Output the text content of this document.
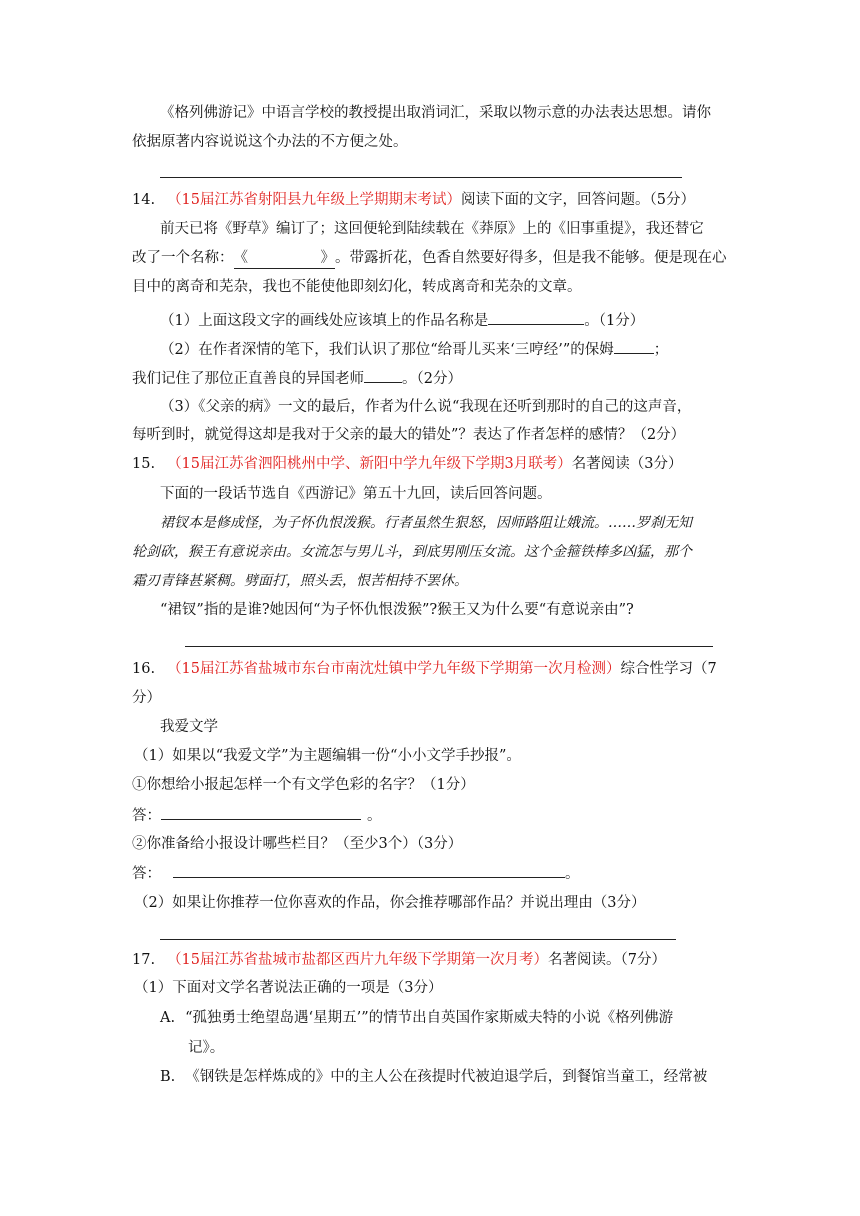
《格列佛游记》中语言学校的教授提出取消词汇，采取以物示意的办法表达思想。请你
依据原著内容说说这个办法的不方便之处。
14. （15届江苏省射阳县九年级上学期期末考试）阅读下面的文字，回答问题。（5分）
前天已将《野草》编订了；这回便轮到陆续载在《莽原》上的《旧事重提》，我还替它
改了一个名称：《　　　　　》。带露折花，色香自然要好得多，但是我不能够。便是现在心
目中的离奇和芜杂，我也不能使他即刻幻化，转成离奇和芜杂的文章。
（1）上面这段文字的画线处应该填上的作品名称是	。（1分）
（2）在作者深情的笔下，我们认识了那位“给哥儿买来‘三哼经’”的保姆	；
我们记住了那位正直善良的异国老师	。（2分）
（3）《父亲的病》一文的最后，作者为什么说“我现在还听到那时的自己的这声音，
每听到时，就觉得这却是我对于父亲的最大的错处”？表达了作者怎样的感情？（2分）
15. （15届江苏省泗阳桃州中学、新阳中学九年级下学期3月联考）名著阅读（3分）
下面的一段话节选自《西游记》第五十九回，读后回答问题。
裙钗本是修成怪，为子怀仇恨泼猴。行者虽然生狠怒，因师路阻让娥流。……罗刹无知
轮剑砍，猴王有意说亲由。女流怎与男儿斗，到底男刚压女流。这个金箍铁棒多凶猛，那个
霜刃青锋甚紧稠。劈面打，照头丢，恨苦相持不罢休。
“裙钗”指的是谁?她因何“为子怀仇恨泼猴”?猴王又为什么要“有意说亲由”?
16. （15届江苏省盐城市东台市南沈灶镇中学九年级下学期第一次月检测）综合性学习（7
分）
我爱文学
（1）如果以“我爱文学”为主题编辑一份“小小文学手抄报”。
①你想给小报起怎样一个有文学色彩的名字？（1分）
答：	。
②你准备给小报设计哪些栏目？（至少3个）（3分）
答：	。
（2）如果让你推荐一位你喜欢的作品，你会推荐哪部作品？并说出理由（3分）
17. （15届江苏省盐城市盐都区西片九年级下学期第一次月考）名著阅读。（7分）
（1）下面对文学名著说法正确的一项是（3分）
A. “孤独勇士绝望岛遇‘星期五’”的情节出自英国作家斯威夫特的小说《格列佛游
记》。
B. 《钢铁是怎样炼成的》中的主人公在孩提时代被迫退学后，到餐馆当童工，经常被
